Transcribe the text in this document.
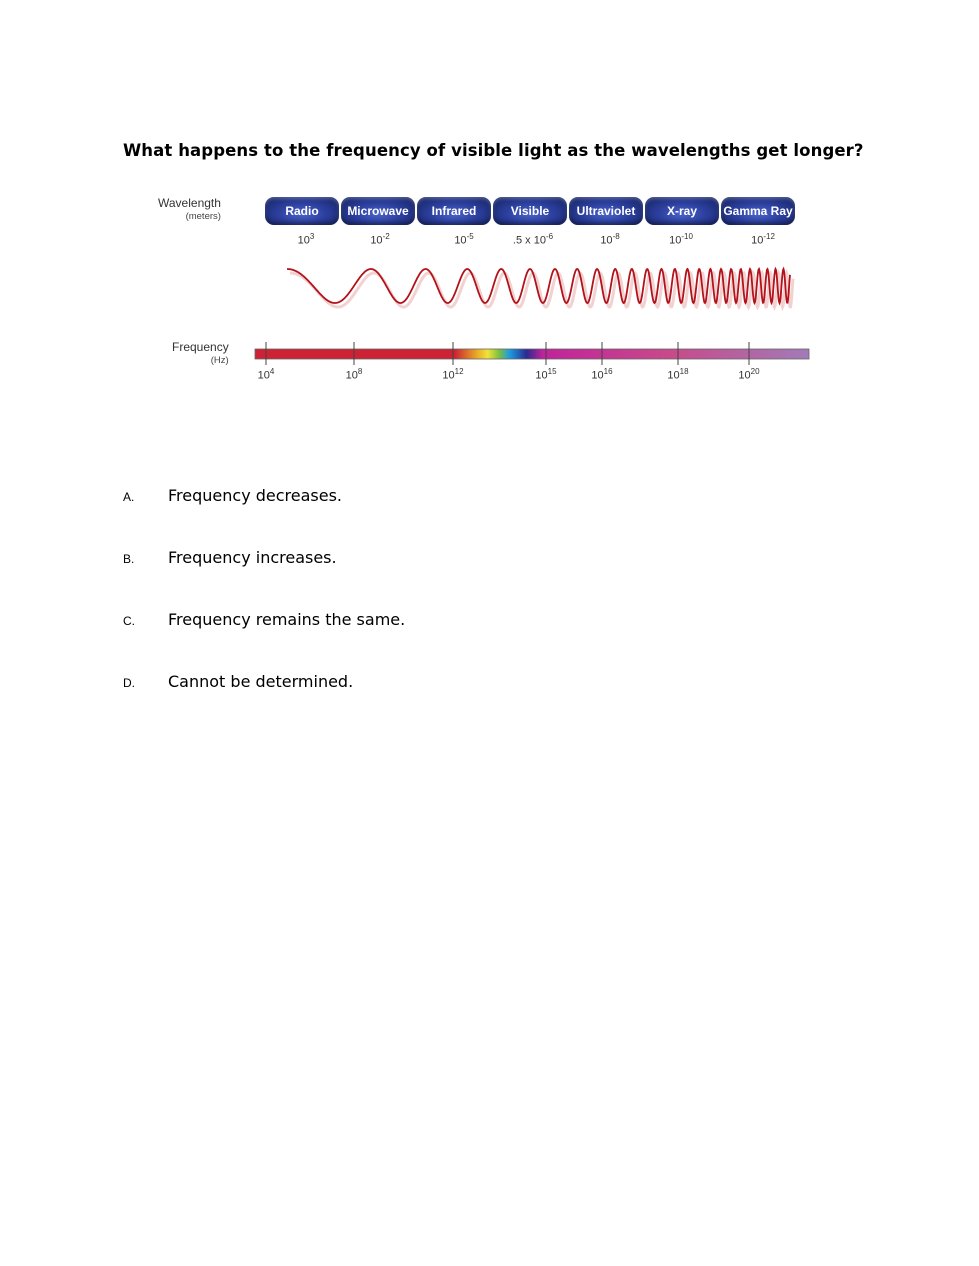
What happens to the frequency of visible light as the wavelengths get longer?
Wavelength
(meters)
Frequency
(Hz)
Radio	Microwave	Infrared	Visible	Ultraviolet	X-ray	Gamma Ray
$10^3$	$10^{-2}$	$10^{-5}$	.5 x $10^{-6}$	$10^{-8}$	$10^{-10}$	$10^{-12}$
$10^4$	$10^8$	$10^{12}$	$10^{15}$	$10^{16}$	$10^{18}$	$10^{20}$
A. Frequency decreases.
B. Frequency increases.
C. Frequency remains the same.
D. Cannot be determined.
